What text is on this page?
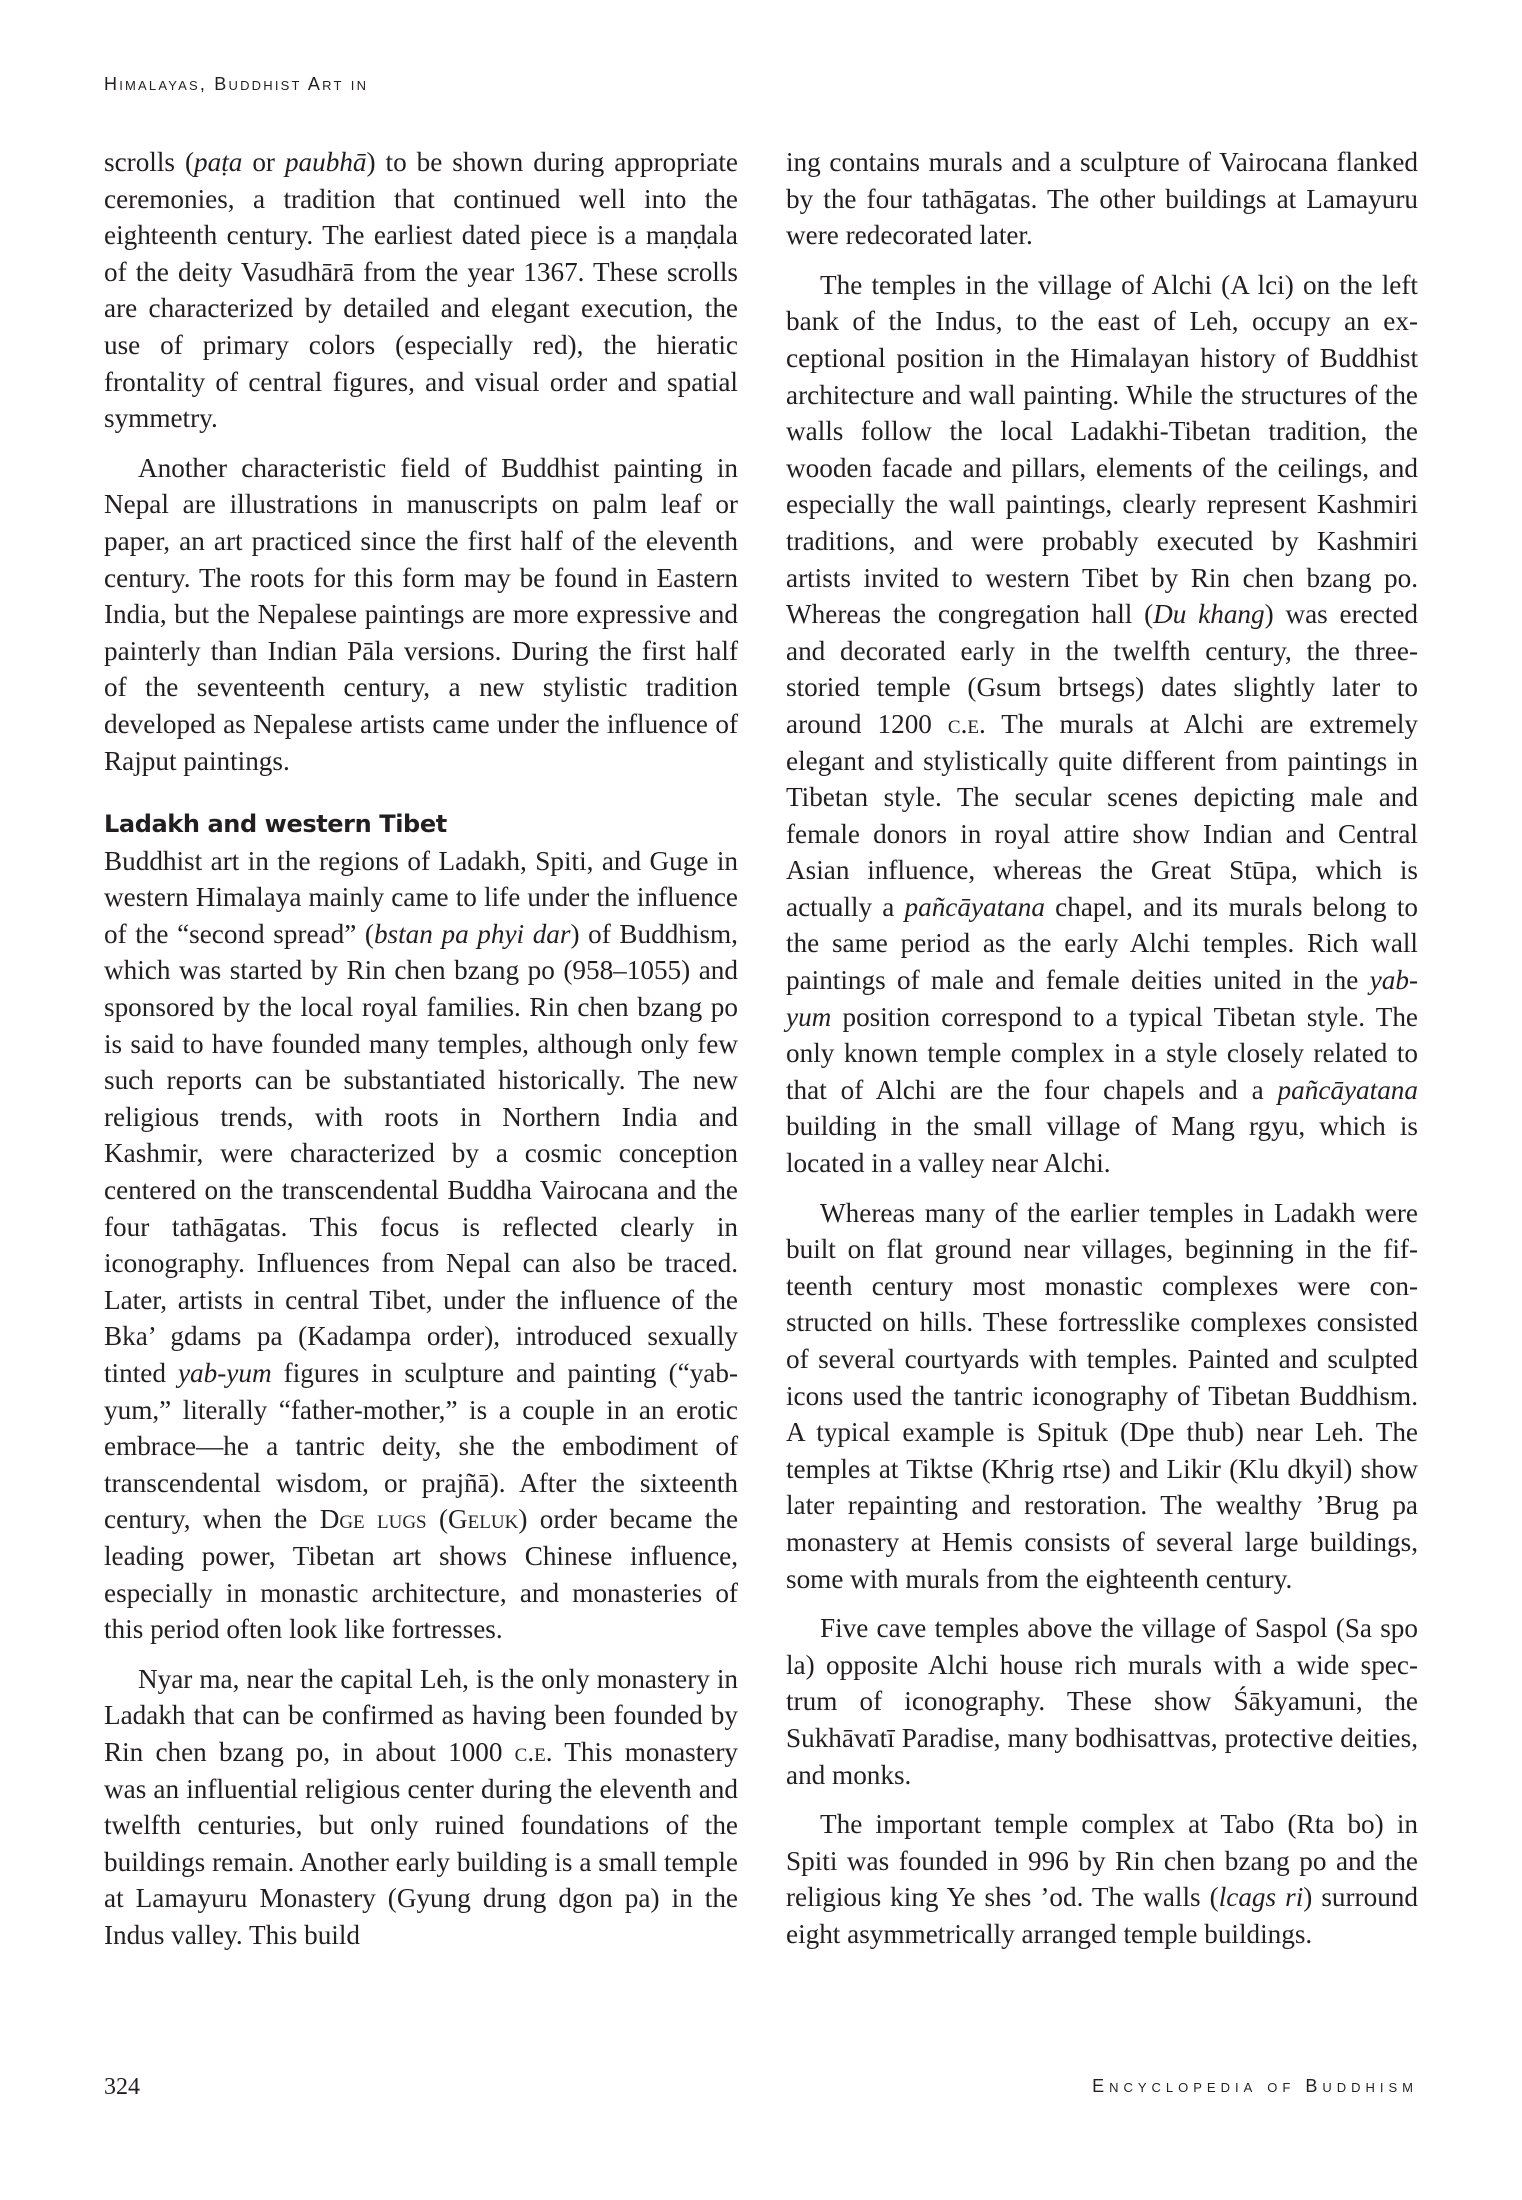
Himalayas, Buddhist Art in

scrolls (paṭa or paubhā) to be shown during appropriate ceremonies, a tradition that continued well into the eighteenth century. The earliest dated piece is a maṇḍala of the deity Vasudhārā from the year 1367. These scrolls are characterized by detailed and elegant execution, the use of primary colors (especially red), the hieratic frontality of central figures, and visual order and spatial symmetry.

Another characteristic field of Buddhist painting in Nepal are illustrations in manuscripts on palm leaf or paper, an art practiced since the first half of the eleventh century. The roots for this form may be found in Eastern India, but the Nepalese paintings are more expressive and painterly than Indian Pāla versions. During the first half of the seventeenth century, a new stylistic tradition developed as Nepalese artists came under the influence of Rajput paintings.

Ladakh and western Tibet

Buddhist art in the regions of Ladakh, Spiti, and Guge in western Himalaya mainly came to life under the influence of the “second spread” (bstan pa phyi dar) of Buddhism, which was started by Rin chen bzang po (958–1055) and sponsored by the local royal families. Rin chen bzang po is said to have founded many temples, although only few such reports can be substantiated historically. The new religious trends, with roots in Northern India and Kashmir, were characterized by a cosmic conception centered on the transcendental Buddha Vairocana and the four tathāgatas. This focus is reflected clearly in iconography. Influences from Nepal can also be traced. Later, artists in central Tibet, under the influence of the Bka’ gdams pa (Kadampa order), introduced sexually tinted yab-yum figures in sculpture and painting (“yab-yum,” literally “father-mother,” is a couple in an erotic embrace—he a tantric deity, she the embodiment of transcendental wisdom, or prajñā). After the sixteenth century, when the Dge lugs (Geluk) order became the leading power, Tibetan art shows Chinese influence, especially in monastic architecture, and monasteries of this period often look like fortresses.

Nyar ma, near the capital Leh, is the only monastery in Ladakh that can be confirmed as having been founded by Rin chen bzang po, in about 1000 c.e. This monastery was an influential religious center during the eleventh and twelfth centuries, but only ruined foundations of the buildings remain. Another early building is a small temple at Lamayuru Monastery (Gyung drung dgon pa) in the Indus valley. This build

ing contains murals and a sculpture of Vairocana flanked by the four tathāgatas. The other buildings at Lamayuru were redecorated later.

The temples in the village of Alchi (A lci) on the left bank of the Indus, to the east of Leh, occupy an exceptional position in the Himalayan history of Buddhist architecture and wall painting. While the structures of the walls follow the local Ladakhi-Tibetan tradition, the wooden facade and pillars, elements of the ceilings, and especially the wall paintings, clearly represent Kashmiri traditions, and were probably executed by Kashmiri artists invited to western Tibet by Rin chen bzang po. Whereas the congregation hall (Du khang) was erected and decorated early in the twelfth century, the three-storied temple (Gsum brtsegs) dates slightly later to around 1200 c.e. The murals at Alchi are extremely elegant and stylistically quite different from paintings in Tibetan style. The secular scenes depicting male and female donors in royal attire show Indian and Central Asian influence, whereas the Great Stūpa, which is actually a pañcāyatana chapel, and its murals belong to the same period as the early Alchi temples. Rich wall paintings of male and female deities united in the yab-yum position correspond to a typical Tibetan style. The only known temple complex in a style closely related to that of Alchi are the four chapels and a pañcāyatana building in the small village of Mang rgyu, which is located in a valley near Alchi.

Whereas many of the earlier temples in Ladakh were built on flat ground near villages, beginning in the fifteenth century most monastic complexes were constructed on hills. These fortresslike complexes consisted of several courtyards with temples. Painted and sculpted icons used the tantric iconography of Tibetan Buddhism. A typical example is Spituk (Dpe thub) near Leh. The temples at Tiktse (Khrig rtse) and Likir (Klu dkyil) show later repainting and restoration. The wealthy ’Brug pa monastery at Hemis consists of several large buildings, some with murals from the eighteenth century.

Five cave temples above the village of Saspol (Sa spo la) opposite Alchi house rich murals with a wide spectrum of iconography. These show Śākyamuni, the Sukhāvatī Paradise, many bodhisattvas, protective deities, and monks.

The important temple complex at Tabo (Rta bo) in Spiti was founded in 996 by Rin chen bzang po and the religious king Ye shes ’od. The walls (lcags ri) surround eight asymmetrically arranged temple buildings.

324	Encyclopedia of Buddhism
